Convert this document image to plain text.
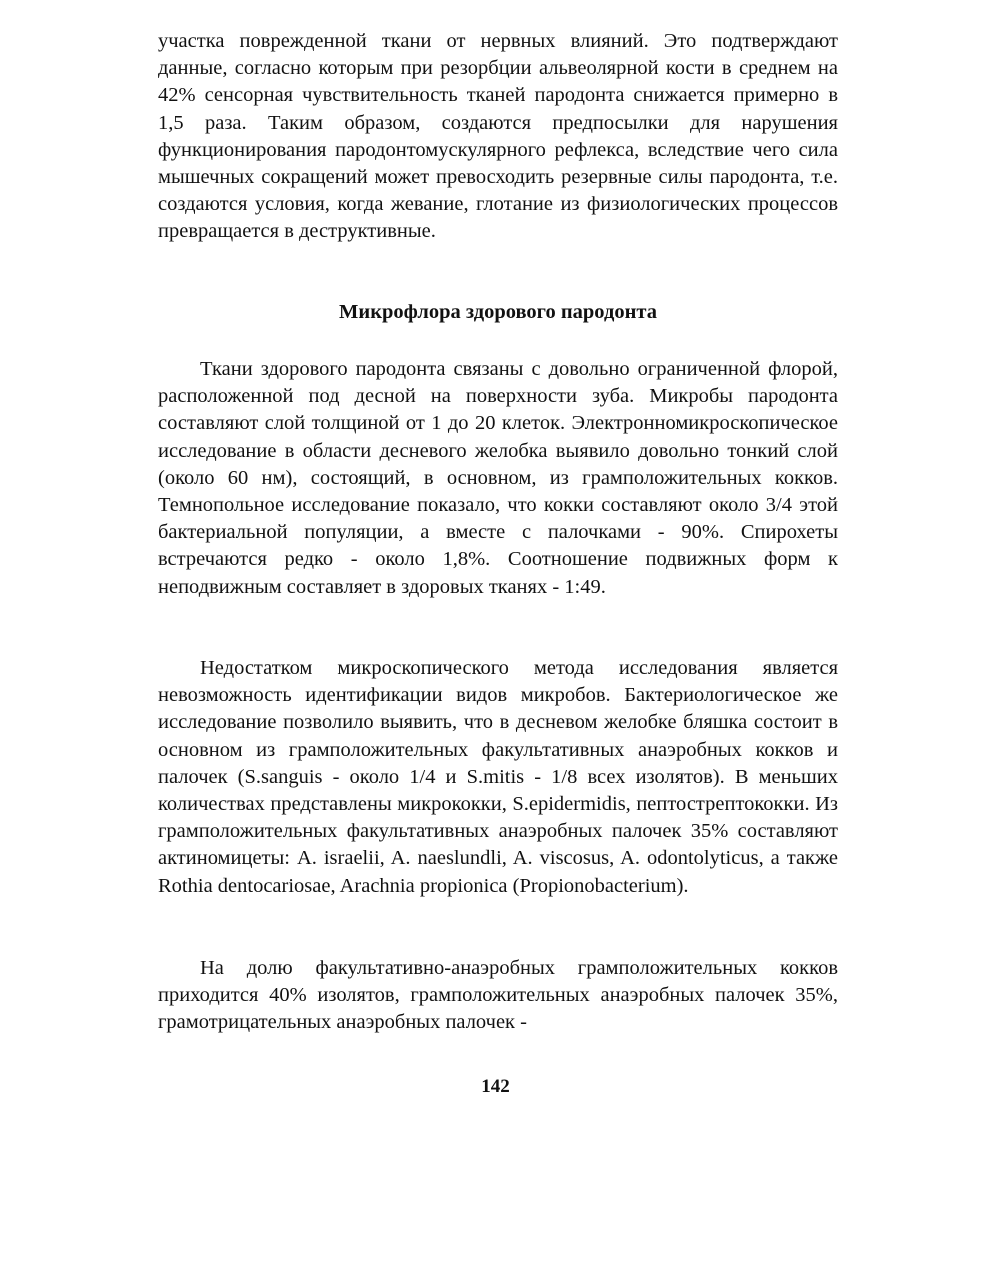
участка поврежденной ткани от нервных влияний. Это подтверждают данные, согласно которым при резорбции альвеолярной кости в среднем на 42% сенсорная чувствительность тканей пародонта снижается примерно в 1,5 раза. Таким образом, создаются предпосылки для нарушения функционирования пародонтомускулярного рефлекса, вследствие чего сила мышечных сокращений может превосходить резервные силы пародонта, т.е. создаются условия, когда жевание, глотание из физиологических процессов превращается в деструктивные.

Микрофлора здорового пародонта

Ткани здорового пародонта связаны с довольно ограниченной флорой, расположенной под десной на поверхности зуба. Микробы пародонта составляют слой толщиной от 1 до 20 клеток. Электронномикроскопическое исследование в области десневого желобка выявило довольно тонкий слой (около 60 нм), состоящий, в основном, из грамположительных кокков. Темнопольное исследование показало, что кокки составляют около 3/4 этой бактериальной популяции, а вместе с палочками - 90%. Спирохеты встречаются редко - около 1,8%. Соотношение подвижных форм к неподвижным составляет в здоровых тканях - 1:49.

Недостатком микроскопического метода исследования является невозможность идентификации видов микробов. Бактериологическое же исследование позволило выявить, что в десневом желобке бляшка состоит в основном из грамположительных факультативных анаэробных кокков и палочек (S.sanguis - около 1/4 и S.mitis - 1/8 всех изолятов). В меньших количествах представлены микрококки, S.epidermidis, пептострептококки. Из грамположительных факультативных анаэробных палочек 35% составляют актиномицеты: A. israelii, A. naeslundli, A. viscosus, A. odontolyticus, а также Rothia dentocariosae, Arachnia propionica (Propionobacterium).

На долю факультативно-анаэробных грамположительных кокков приходится 40% изолятов, грамположительных анаэробных палочек 35%, грамотрицательных анаэробных палочек -

142
